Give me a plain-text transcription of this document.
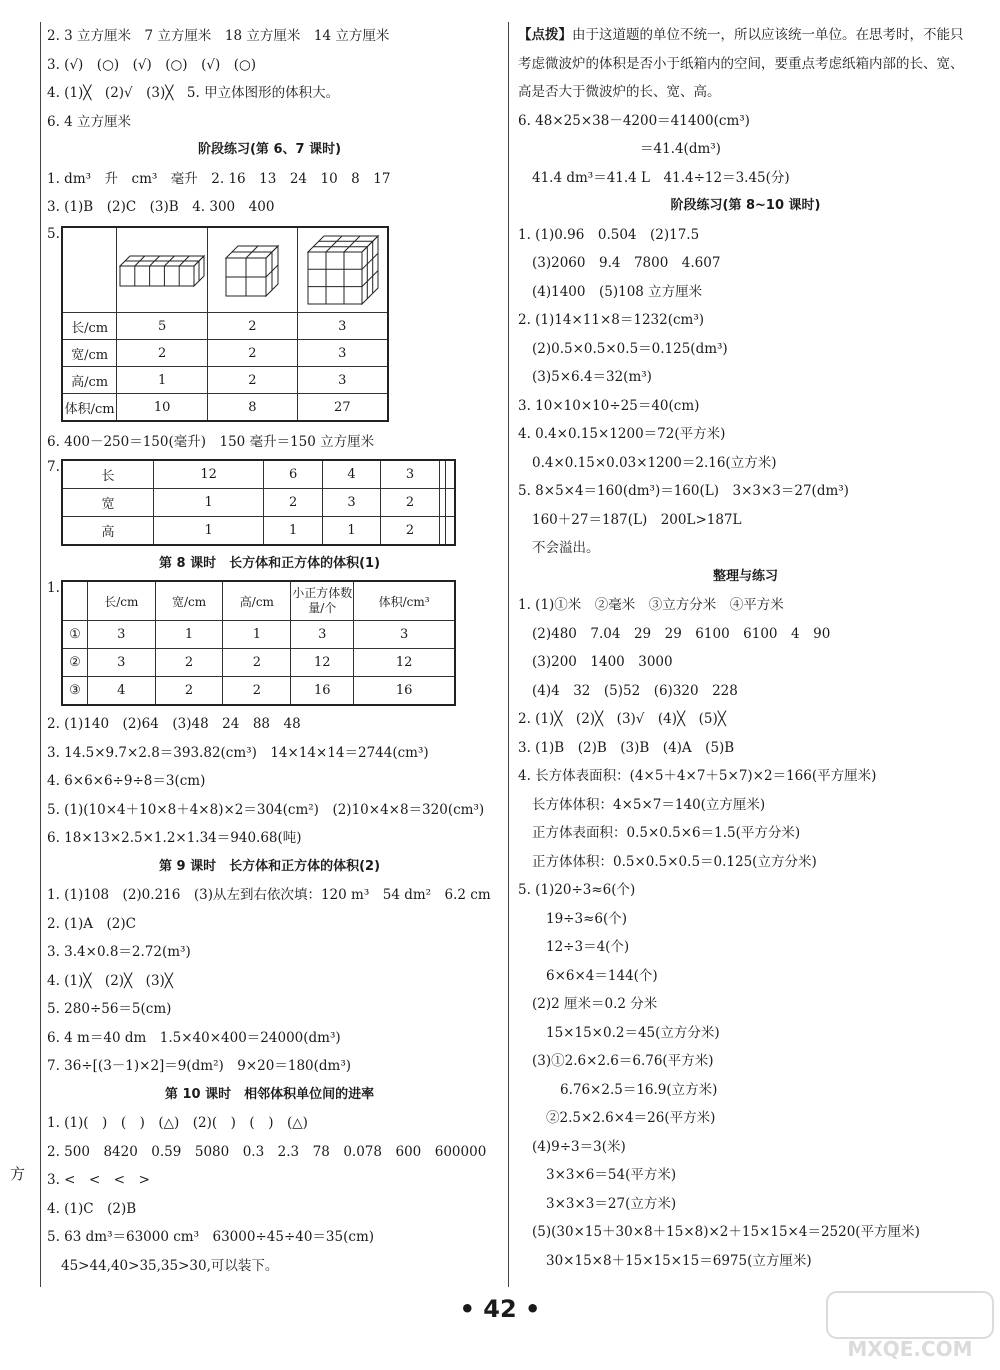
方
2. 3 立方厘米　7 立方厘米　18 立方厘米　14 立方厘米
3. (√)　(○)　(√)　(○)　(√)　(○)
4. (1)╳　(2)√　(3)╳　5. 甲立体图形的体积大。
6. 4 立方厘米
阶段练习(第 6、7 课时)
1. dm³　升　cm³　毫升　2. 16　13　24　10　8　17
3. (1)B　(2)C　(3)B　4. 300　400
5.

长/cm	5	2	3
宽/cm	2	2	3
高/cm	1	2	3
体积/cm	10	8	27
6. 400－250＝150(毫升)　150 毫升＝150 立方厘米
7.
长	12	6	4	3		
宽	1	2	3	2		
高	1	1	1	2		
第 8 课时　长方体和正方体的体积(1)
1.
	长/cm	宽/cm	高/cm	小正方体数量/个	体积/cm³
①	3	1	1	3	3
②	3	2	2	12	12
③	4	2	2	16	16
2. (1)140　(2)64　(3)48　24　88　48
3. 14.5×9.7×2.8＝393.82(cm³)　14×14×14＝2744(cm³)
4. 6×6×6÷9÷8＝3(cm)
5. (1)(10×4＋10×8＋4×8)×2＝304(cm²)　(2)10×4×8＝320(cm³)
6. 18×13×2.5×1.2×1.34＝940.68(吨)
第 9 课时　长方体和正方体的体积(2)
1. (1)108　(2)0.216　(3)从左到右依次填：120 m³　54 dm²　6.2 cm
2. (1)A　(2)C
3. 3.4×0.8＝2.72(m³)
4. (1)╳　(2)╳　(3)╳
5. 280÷56＝5(cm)
6. 4 m＝40 dm　1.5×40×400＝24000(dm³)
7. 36÷[(3－1)×2]＝9(dm²)　9×20＝180(dm³)
第 10 课时　相邻体积单位间的进率
1. (1)(　)　(　)　(△)　(2)(　)　(　)　(△)
2. 500　8420　0.59　5080　0.3　2.3　78　0.078　600　600000
3. <　<　<　>
4. (1)C　(2)B
5. 63 dm³＝63000 cm³　63000÷45÷40＝35(cm)
45>44,40>35,35>30,可以装下。
【点拨】由于这道题的单位不统一，所以应该统一单位。在思考时，不能只考虑微波炉的体积是否小于纸箱内的空间，要重点考虑纸箱内部的长、宽、高是否大于微波炉的长、宽、高。
6. 48×25×38－4200＝41400(cm³)
＝41.4(dm³)
41.4 dm³＝41.4 L　41.4÷12＝3.45(分)
阶段练习(第 8~10 课时)
1. (1)0.96　0.504　(2)17.5
(3)2060　9.4　7800　4.607
(4)1400　(5)108 立方厘米
2. (1)14×11×8＝1232(cm³)
(2)0.5×0.5×0.5＝0.125(dm³)
(3)5×6.4＝32(m³)
3. 10×10×10÷25＝40(cm)
4. 0.4×0.15×1200＝72(平方米)
0.4×0.15×0.03×1200＝2.16(立方米)
5. 8×5×4＝160(dm³)＝160(L)　3×3×3＝27(dm³)
160＋27＝187(L)　200L>187L
不会溢出。
整理与练习
1. (1)①米　②毫米　③立方分米　④平方米
(2)480　7.04　29　29　6100　6100　4　90
(3)200　1400　3000
(4)4　32　(5)52　(6)320　228
2. (1)╳　(2)╳　(3)√　(4)╳　(5)╳
3. (1)B　(2)B　(3)B　(4)A　(5)B
4. 长方体表面积：(4×5＋4×7＋5×7)×2＝166(平方厘米)
长方体体积：4×5×7＝140(立方厘米)
正方体表面积：0.5×0.5×6＝1.5(平方分米)
正方体体积：0.5×0.5×0.5＝0.125(立方分米)
5. (1)20÷3≈6(个)
19÷3≈6(个)
12÷3＝4(个)
6×6×4＝144(个)
(2)2 厘米＝0.2 分米
15×15×0.2＝45(立方分米)
(3)①2.6×2.6＝6.76(平方米)
6.76×2.5＝16.9(立方米)
②2.5×2.6×4＝26(平方米)
(4)9÷3＝3(米)
3×3×6＝54(平方米)
3×3×3＝27(立方米)
(5)(30×15＋30×8＋15×8)×2＋15×15×4＝2520(平方厘米)
30×15×8＋15×15×15＝6975(立方厘米)
• 42 •
MXQE.COM
